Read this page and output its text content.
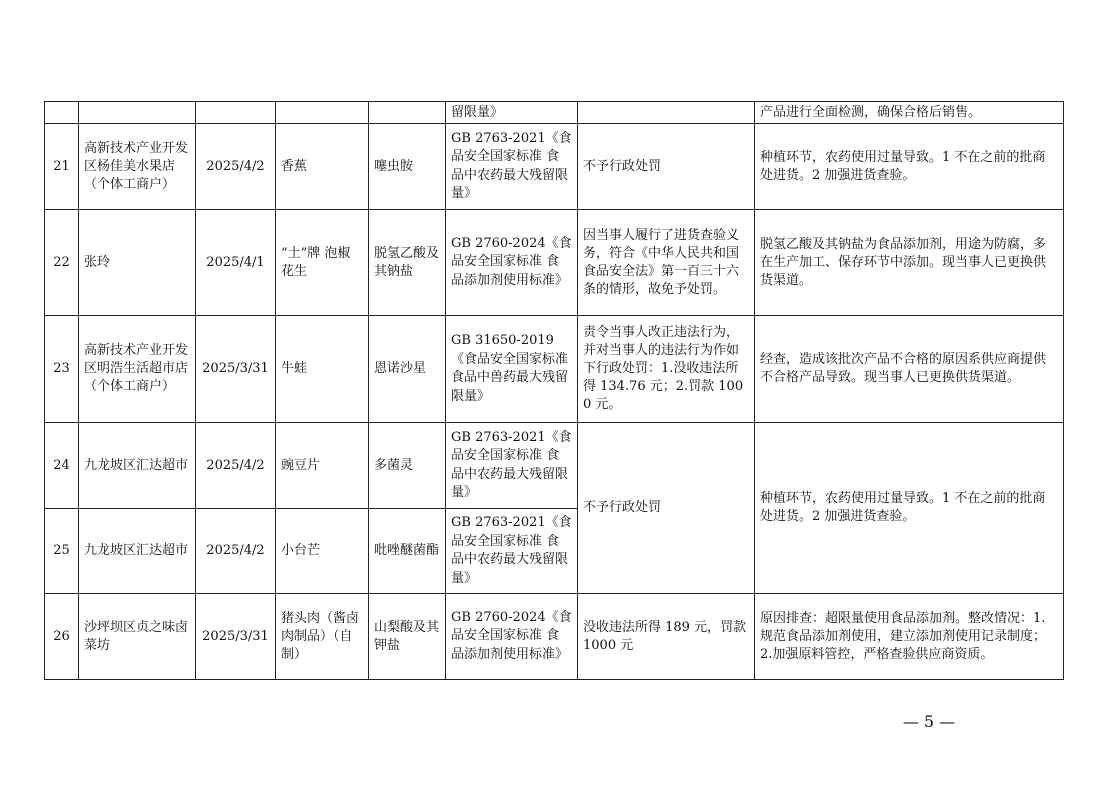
					留限量》		产品进行全面检测，确保合格后销售。
21	高新技术产业开发区杨佳美水果店（个体工商户）	2025/4/2	香蕉	噻虫胺	GB 2763-2021《食品安全国家标准 食品中农药最大残留限量》	不予行政处罚	种植环节，农药使用过量导致。1 不在之前的批商处进货。2 加强进货查验。
22	张玲	2025/4/1	“土”牌 泡椒花生	脱氢乙酸及其钠盐	GB 2760-2024《食品安全国家标准 食品添加剂使用标准》	因当事人履行了进货查验义务，符合《中华人民共和国食品安全法》第一百三十六条的情形，故免予处罚。	脱氢乙酸及其钠盐为食品添加剂，用途为防腐，多在生产加工、保存环节中添加。现当事人已更换供货渠道。
23	高新技术产业开发区明浩生活超市店（个体工商户）	2025/3/31	牛蛙	恩诺沙星	GB 31650-2019《食品安全国家标准 食品中兽药最大残留限量》	责令当事人改正违法行为，并对当事人的违法行为作如下行政处罚：1.没收违法所得 134.76 元；2.罚款 1000 元。	经查，造成该批次产品不合格的原因系供应商提供不合格产品导致。现当事人已更换供货渠道。
24	九龙坡区汇达超市	2025/4/2	豌豆片	多菌灵	GB 2763-2021《食品安全国家标准 食品中农药最大残留限量》	不予行政处罚	种植环节，农药使用过量导致。1 不在之前的批商处进货。2 加强进货查验。
25	九龙坡区汇达超市	2025/4/2	小台芒	吡唑醚菌酯	GB 2763-2021《食品安全国家标准 食品中农药最大残留限量》		
26	沙坪坝区贞之味卤菜坊	2025/3/31	猪头肉（酱卤肉制品）（自制）	山梨酸及其钾盐	GB 2760-2024《食品安全国家标准 食品添加剂使用标准》	没收违法所得 189 元，罚款 1000 元	原因排查：超限量使用食品添加剂。整改情况：1.规范食品添加剂使用，建立添加剂使用记录制度；2.加强原料管控，严格查验供应商资质。
— 5 —
